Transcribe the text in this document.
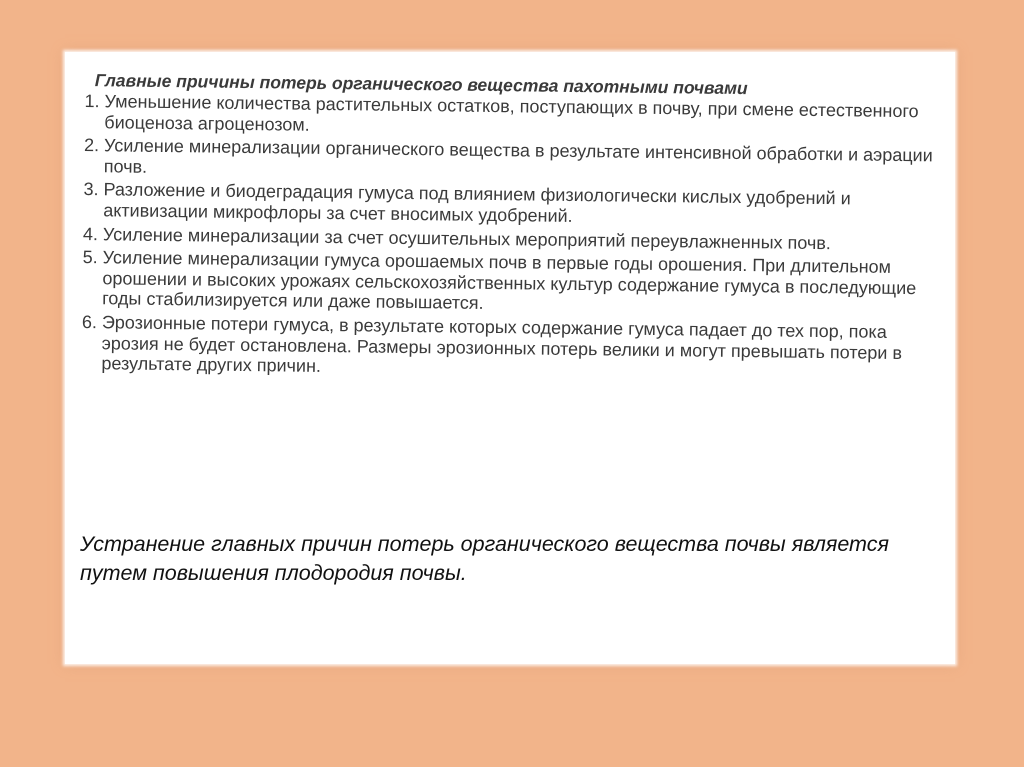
Главные причины потерь органического вещества пахотными почвами

1. Уменьшение количества растительных остатков, поступающих в почву, при смене естественного биоценоза агроценозом.
2. Усиление минерализации органического вещества в результате интенсивной обработки и аэрации почв.
3. Разложение и биодеградация гумуса под влиянием физиологически кислых удобрений и активизации микрофлоры за счет вносимых удобрений.
4. Усиление минерализации за счет осушительных мероприятий переувлажненных почв.
5. Усиление минерализации гумуса орошаемых почв в первые годы орошения. При длительном орошении и высоких урожаях сельскохозяйственных культур содержание гумуса в последующие годы стабилизируется или даже повышается.
6. Эрозионные потери гумуса, в результате которых содержание гумуса падает до тех пор, пока эрозия не будет остановлена. Размеры эрозионных потерь велики и могут превышать потери в результате других причин.

Устранение главных причин потерь органического вещества почвы является путем повышения плодородия почвы.
